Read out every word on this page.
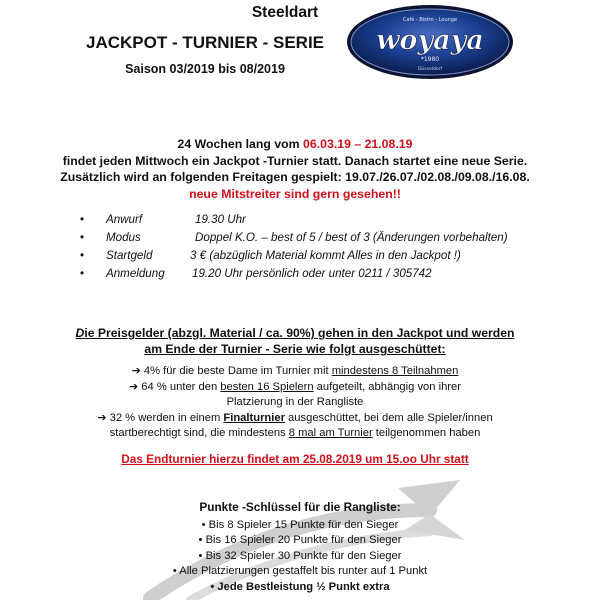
Steeldart
JACKPOT - TURNIER - SERIE
Saison 03/2019 bis 08/2019
Café - Bistro - Lounge
woyaya
*1980
Düsseldorf
24 Wochen lang vom 06.03.19 – 21.08.19
findet jeden Mittwoch ein Jackpot -Turnier statt. Danach startet eine neue Serie.
Zusätzlich wird an folgenden Freitagen gespielt: 19.07./26.07./02.08./09.08./16.08.
neue Mitstreiter sind gern gesehen!!
• Anwurf	19.30 Uhr
• Modus	Doppel K.O. – best of 5 / best of 3 (Änderungen vorbehalten)
• Startgeld	3 € (abzüglich Material kommt Alles in den Jackpot !)
• Anmeldung 19.20 Uhr persönlich oder unter 0211 / 305742
Die Preisgelder (abzgl. Material / ca. 90%) gehen in den Jackpot und werden
am Ende der Turnier - Serie wie folgt ausgeschüttet:

➔ 4% für die beste Dame im Turnier mit mindestens 8 Teilnahmen

➔ 64 % unter den besten 16 Spielern aufgeteilt, abhängig von ihrer

Platzierung in der Rangliste

➔ 32 % werden in einem Finalturnier ausgeschüttet, bei dem alle Spieler/innen

startberechtigt sind, die mindestens 8 mal am Turnier teilgenommen haben

Das Endturnier hierzu findet am 25.08.2019 um 15.oo Uhr statt
Punkte -Schlüssel für die Rangliste:
• Bis 8 Spieler 15 Punkte für den Sieger
• Bis 16 Spieler 20 Punkte für den Sieger
• Bis 32 Spieler 30 Punkte für den Sieger
• Alle Platzierungen gestaffelt bis runter auf 1 Punkt
• Jede Bestleistung ½ Punkt extra
